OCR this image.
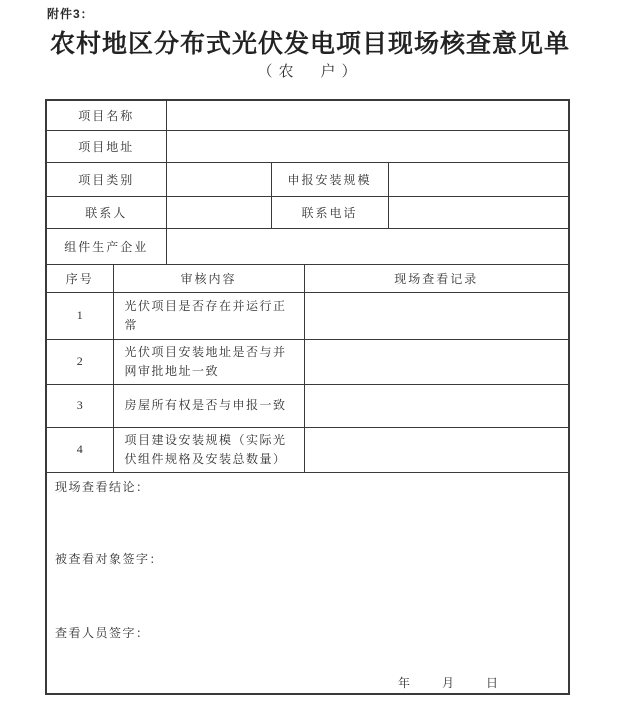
附件3：
农村地区分布式光伏发电项目现场核查意见单
（农　户）
项目名称					
项目地址					
项目类别			申报安装规模		
联系人			联系电话		
组件生产企业					
序号	审核内容			现场查看记录	
1	光伏项目是否存在并运行正常				
2	光伏项目安装地址是否与并网审批地址一致				
3	房屋所有权是否与申报一致				
4	项目建设安装规模（实际光伏组件规格及安装总数量）				

现场查看结论：
被查看对象签字：
查看人员签字：
年	月	日
